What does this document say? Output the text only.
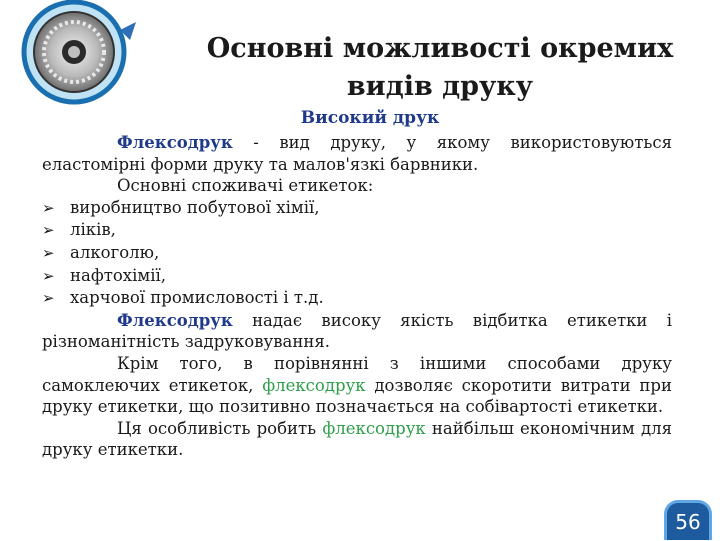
Основні можливості окремих видів друку
Високий друк

Флексодрук - вид друку, у якому використовуються еластомірні форми друку та малов'язкі барвники.

Основні споживачі етикеток:

➢ виробництво побутової хімії,
➢ ліків,
➢ алкоголю,
➢ нафтохімії,
➢ харчової промисловості і т.д.

Флексодрук надає високу якість відбитка етикетки і різноманітність задруковування.

Крім того, в порівнянні з іншими способами друку самоклеючих етикеток, флексодрук дозволяє скоротити витрати при друку етикетки, що позитивно позначається на собівартості етикетки.

Ця особливість робить флексодрук найбільш економічним для друку етикетки.

56
